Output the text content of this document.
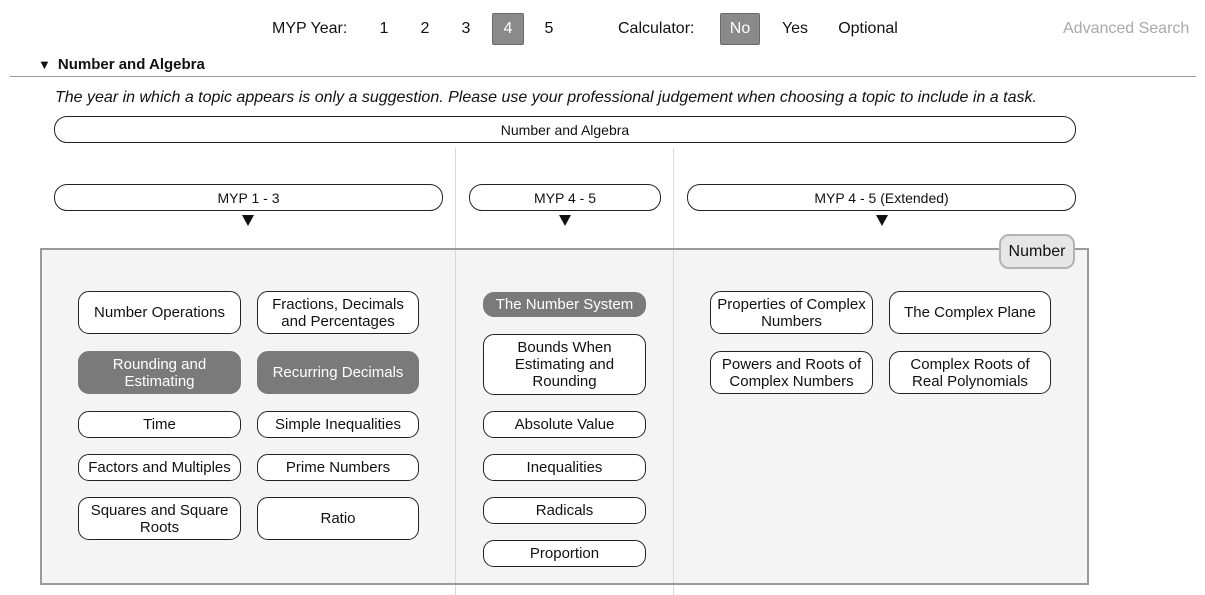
MYP Year:	1	2	3	4	5	Calculator:	No	Yes	Optional	Advanced Search
▼ Number and Algebra
The year in which a topic appears is only a suggestion. Please use your professional judgement when choosing a topic to include in a task.
Number and Algebra
MYP 1 - 3	MYP 4 - 5	MYP 4 - 5 (Extended)
Number
Number Operations	Fractions, Decimals and Percentages
Rounding and Estimating	Recurring Decimals
Time	Simple Inequalities
Factors and Multiples	Prime Numbers
Squares and Square Roots	Ratio
The Number System
Bounds When Estimating and Rounding
Absolute Value
Inequalities
Radicals
Proportion
Properties of Complex Numbers	The Complex Plane
Powers and Roots of Complex Numbers
Complex Roots of Real Polynomials
